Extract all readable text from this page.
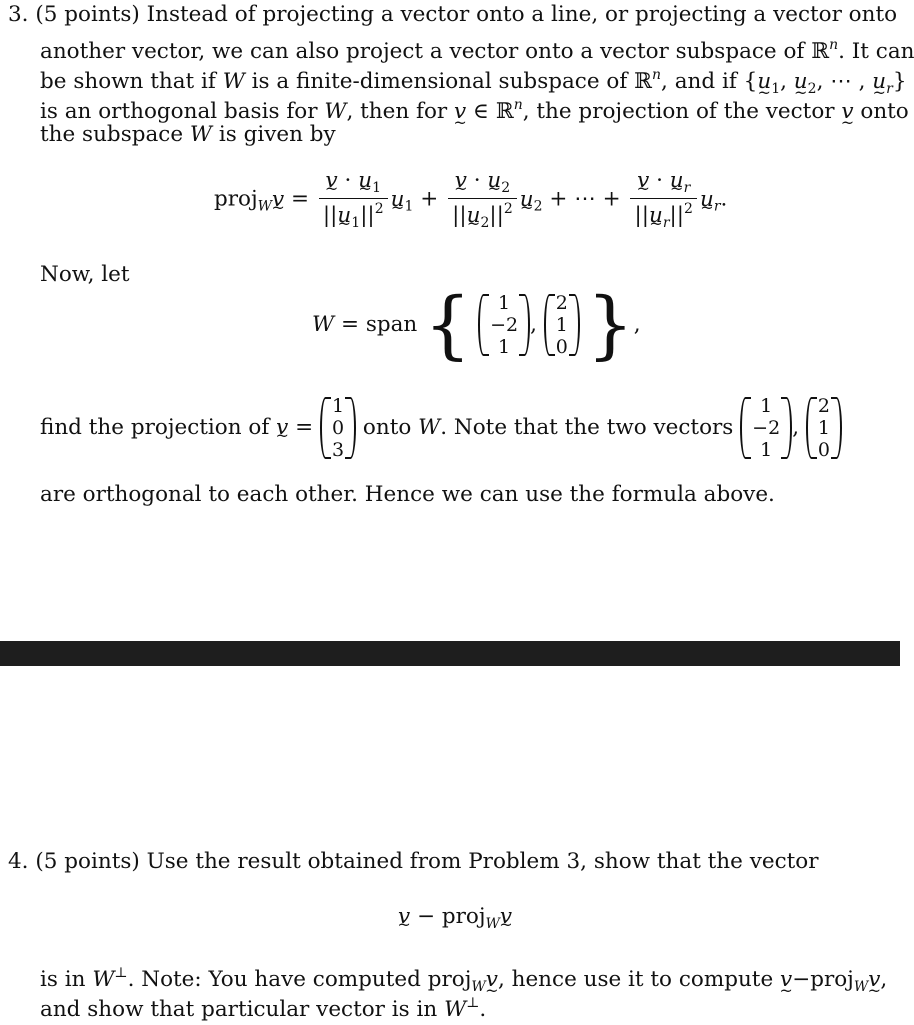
3. (5 points) Instead of projecting a vector onto a line, or projecting a vector onto
another vector, we can also project a vector onto a vector subspace of ℝ$^n$. It can
be shown that if W is a finite-dimensional subspace of ℝ$^n$, and if {u $\sim_1$, u $\sim_2$, ⋯ , u $\sim_r$}
is an orthogonal basis for W, then for v ~ ∈ ℝ$^n$, the projection of the vector v ~ onto
the subspace W is given by
proj$_W$v ~ = $\frac{v \sim \cdot u \sim_1}{||u \sim_1||^2}$ u $\sim_1 + \frac{v \sim \cdot u \sim_2}{||u \sim_2||^2}$ u $\sim_2$ + ⋯ + $\frac{v \sim \cdot u \sim_r}{||u \sim_r||^2}$ u $\sim_r$.
Now, let
W = span {	1
−2
1
,
2
1
0 },
find the projection of v ~ =
1
0
3
onto W. Note that the two vectors
1
−2
1
,
2
1
0
are orthogonal to each other. Hence we can use the formula above.
4. (5 points) Use the result obtained from Problem 3, show that the vector
v ~ − proj$_W$v ~
is in W⊥. Note: You have computed proj$_W$v ~, hence use it to compute v ~−proj$_W$v ~,
and show that particular vector is in W⊥.
